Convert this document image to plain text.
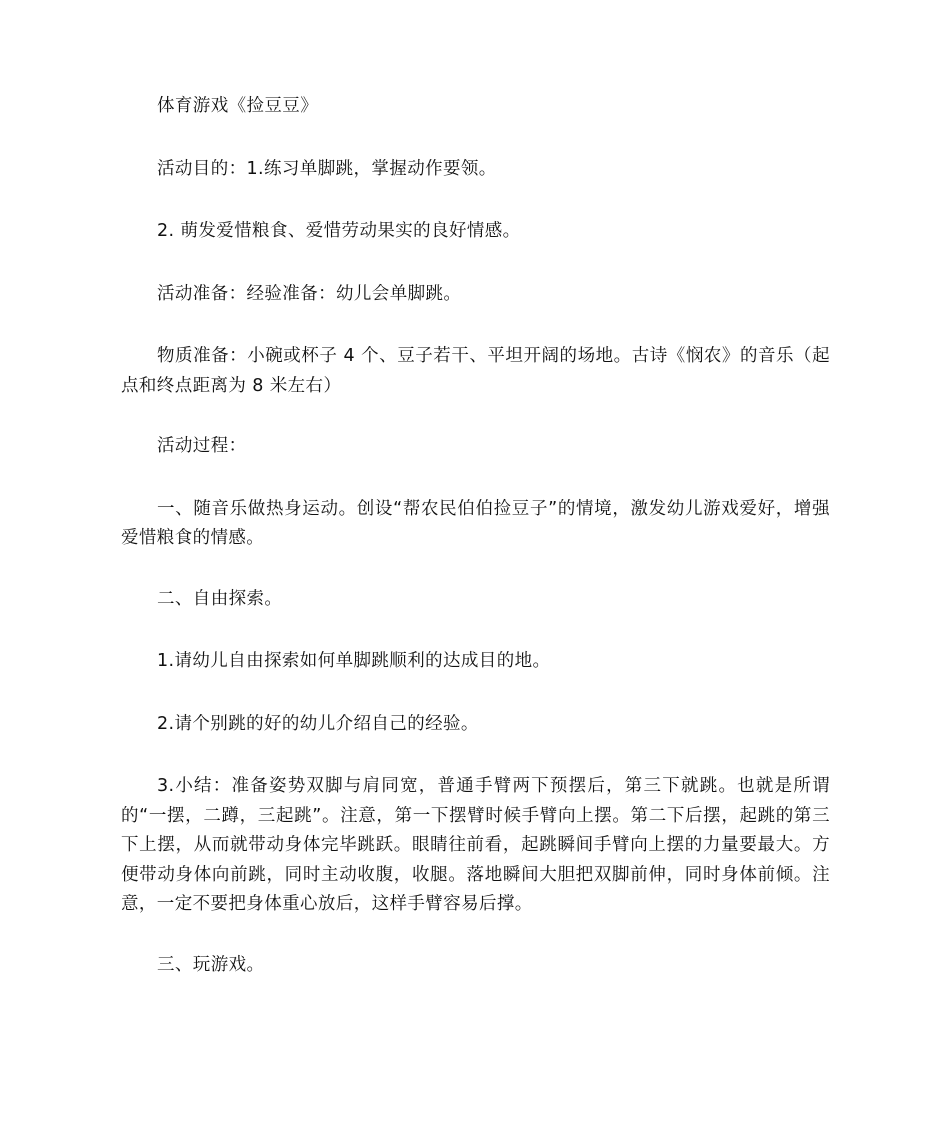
体育游戏《捡豆豆》

活动目的：1.练习单脚跳，掌握动作要领。

2. 萌发爱惜粮食、爱惜劳动果实的良好情感。

活动准备：经验准备：幼儿会单脚跳。

物质准备：小碗或杯子 4 个、豆子若干、平坦开阔的场地。古诗《悯农》的音乐（起点和终点距离为 8 米左右）

活动过程：

一、随音乐做热身运动。创设“帮农民伯伯捡豆子”的情境，激发幼儿游戏爱好，增强爱惜粮食的情感。

二、自由探索。

1.请幼儿自由探索如何单脚跳顺利的达成目的地。

2.请个别跳的好的幼儿介绍自己的经验。

3.小结：准备姿势双脚与肩同宽，普通手臂两下预摆后，第三下就跳。也就是所谓的“一摆，二蹲，三起跳”。注意，第一下摆臂时候手臂向上摆。第二下后摆，起跳的第三下上摆，从而就带动身体完毕跳跃。眼睛往前看，起跳瞬间手臂向上摆的力量要最大。方便带动身体向前跳，同时主动收腹，收腿。落地瞬间大胆把双脚前伸，同时身体前倾。注意，一定不要把身体重心放后，这样手臂容易后撑。

三、玩游戏。
